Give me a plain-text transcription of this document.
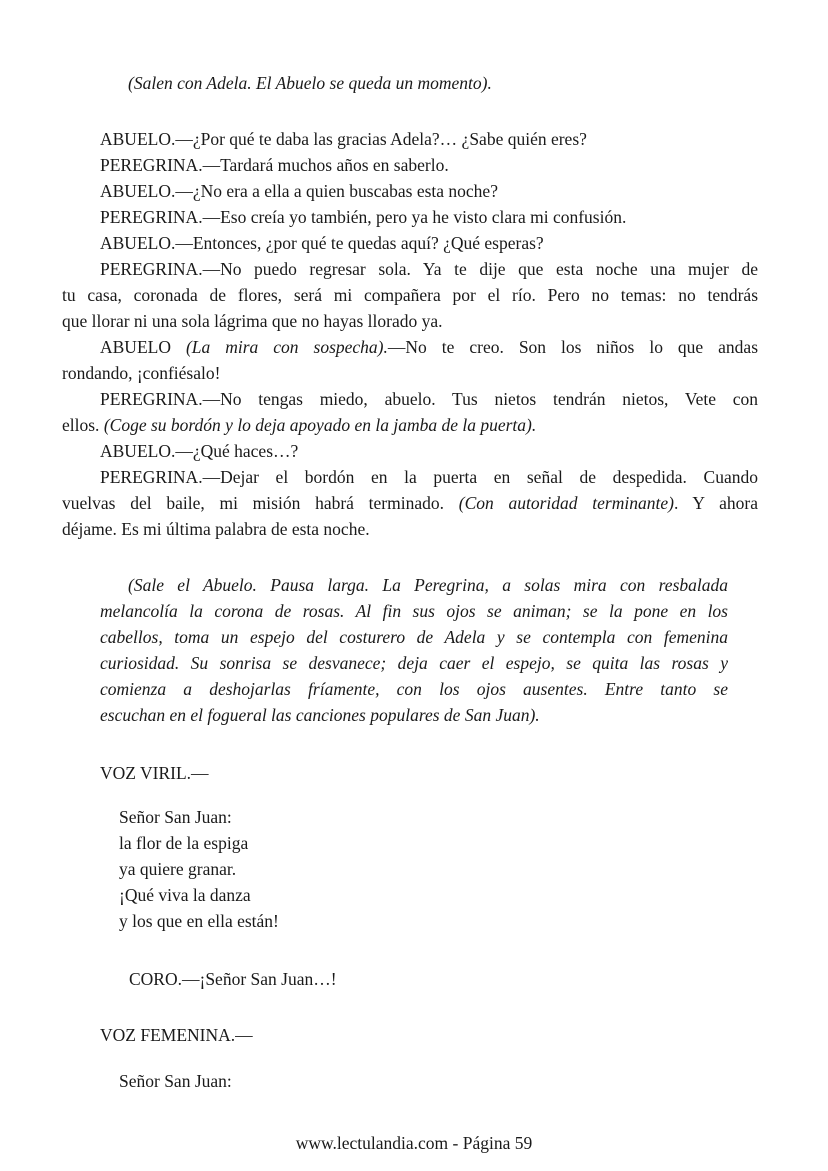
(Salen con Adela. El Abuelo se queda un momento).
ABUELO.—¿Por qué te daba las gracias Adela?… ¿Sabe quién eres?
PEREGRINA.—Tardará muchos años en saberlo.
ABUELO.—¿No era a ella a quien buscabas esta noche?
PEREGRINA.—Eso creía yo también, pero ya he visto clara mi confusión.
ABUELO.—Entonces, ¿por qué te quedas aquí? ¿Qué esperas?
PEREGRINA.—No puedo regresar sola. Ya te dije que esta noche una mujer de
tu casa, coronada de flores, será mi compañera por el río. Pero no temas: no tendrás
que llorar ni una sola lágrima que no hayas llorado ya.
ABUELO (La mira con sospecha).—No te creo. Son los niños lo que andas
rondando, ¡confiésalo!
PEREGRINA.—No tengas miedo, abuelo. Tus nietos tendrán nietos, Vete con
ellos. (Coge su bordón y lo deja apoyado en la jamba de la puerta).
ABUELO.—¿Qué haces…?
PEREGRINA.—Dejar el bordón en la puerta en señal de despedida. Cuando
vuelvas del baile, mi misión habrá terminado. (Con autoridad terminante). Y ahora
déjame. Es mi última palabra de esta noche.
(Sale el Abuelo. Pausa larga. La Peregrina, a solas mira con resbalada
melancolía la corona de rosas. Al fin sus ojos se animan; se la pone en los
cabellos, toma un espejo del costurero de Adela y se contempla con femenina
curiosidad. Su sonrisa se desvanece; deja caer el espejo, se quita las rosas y
comienza a deshojarlas fríamente, con los ojos ausentes. Entre tanto se
escuchan en el fogueral las canciones populares de San Juan).
VOZ VIRIL.—
Señor San Juan:
la flor de la espiga
ya quiere granar.
¡Qué viva la danza
y los que en ella están!
CORO.—¡Señor San Juan…!
VOZ FEMENINA.—
Señor San Juan:
www.lectulandia.com - Página 59
